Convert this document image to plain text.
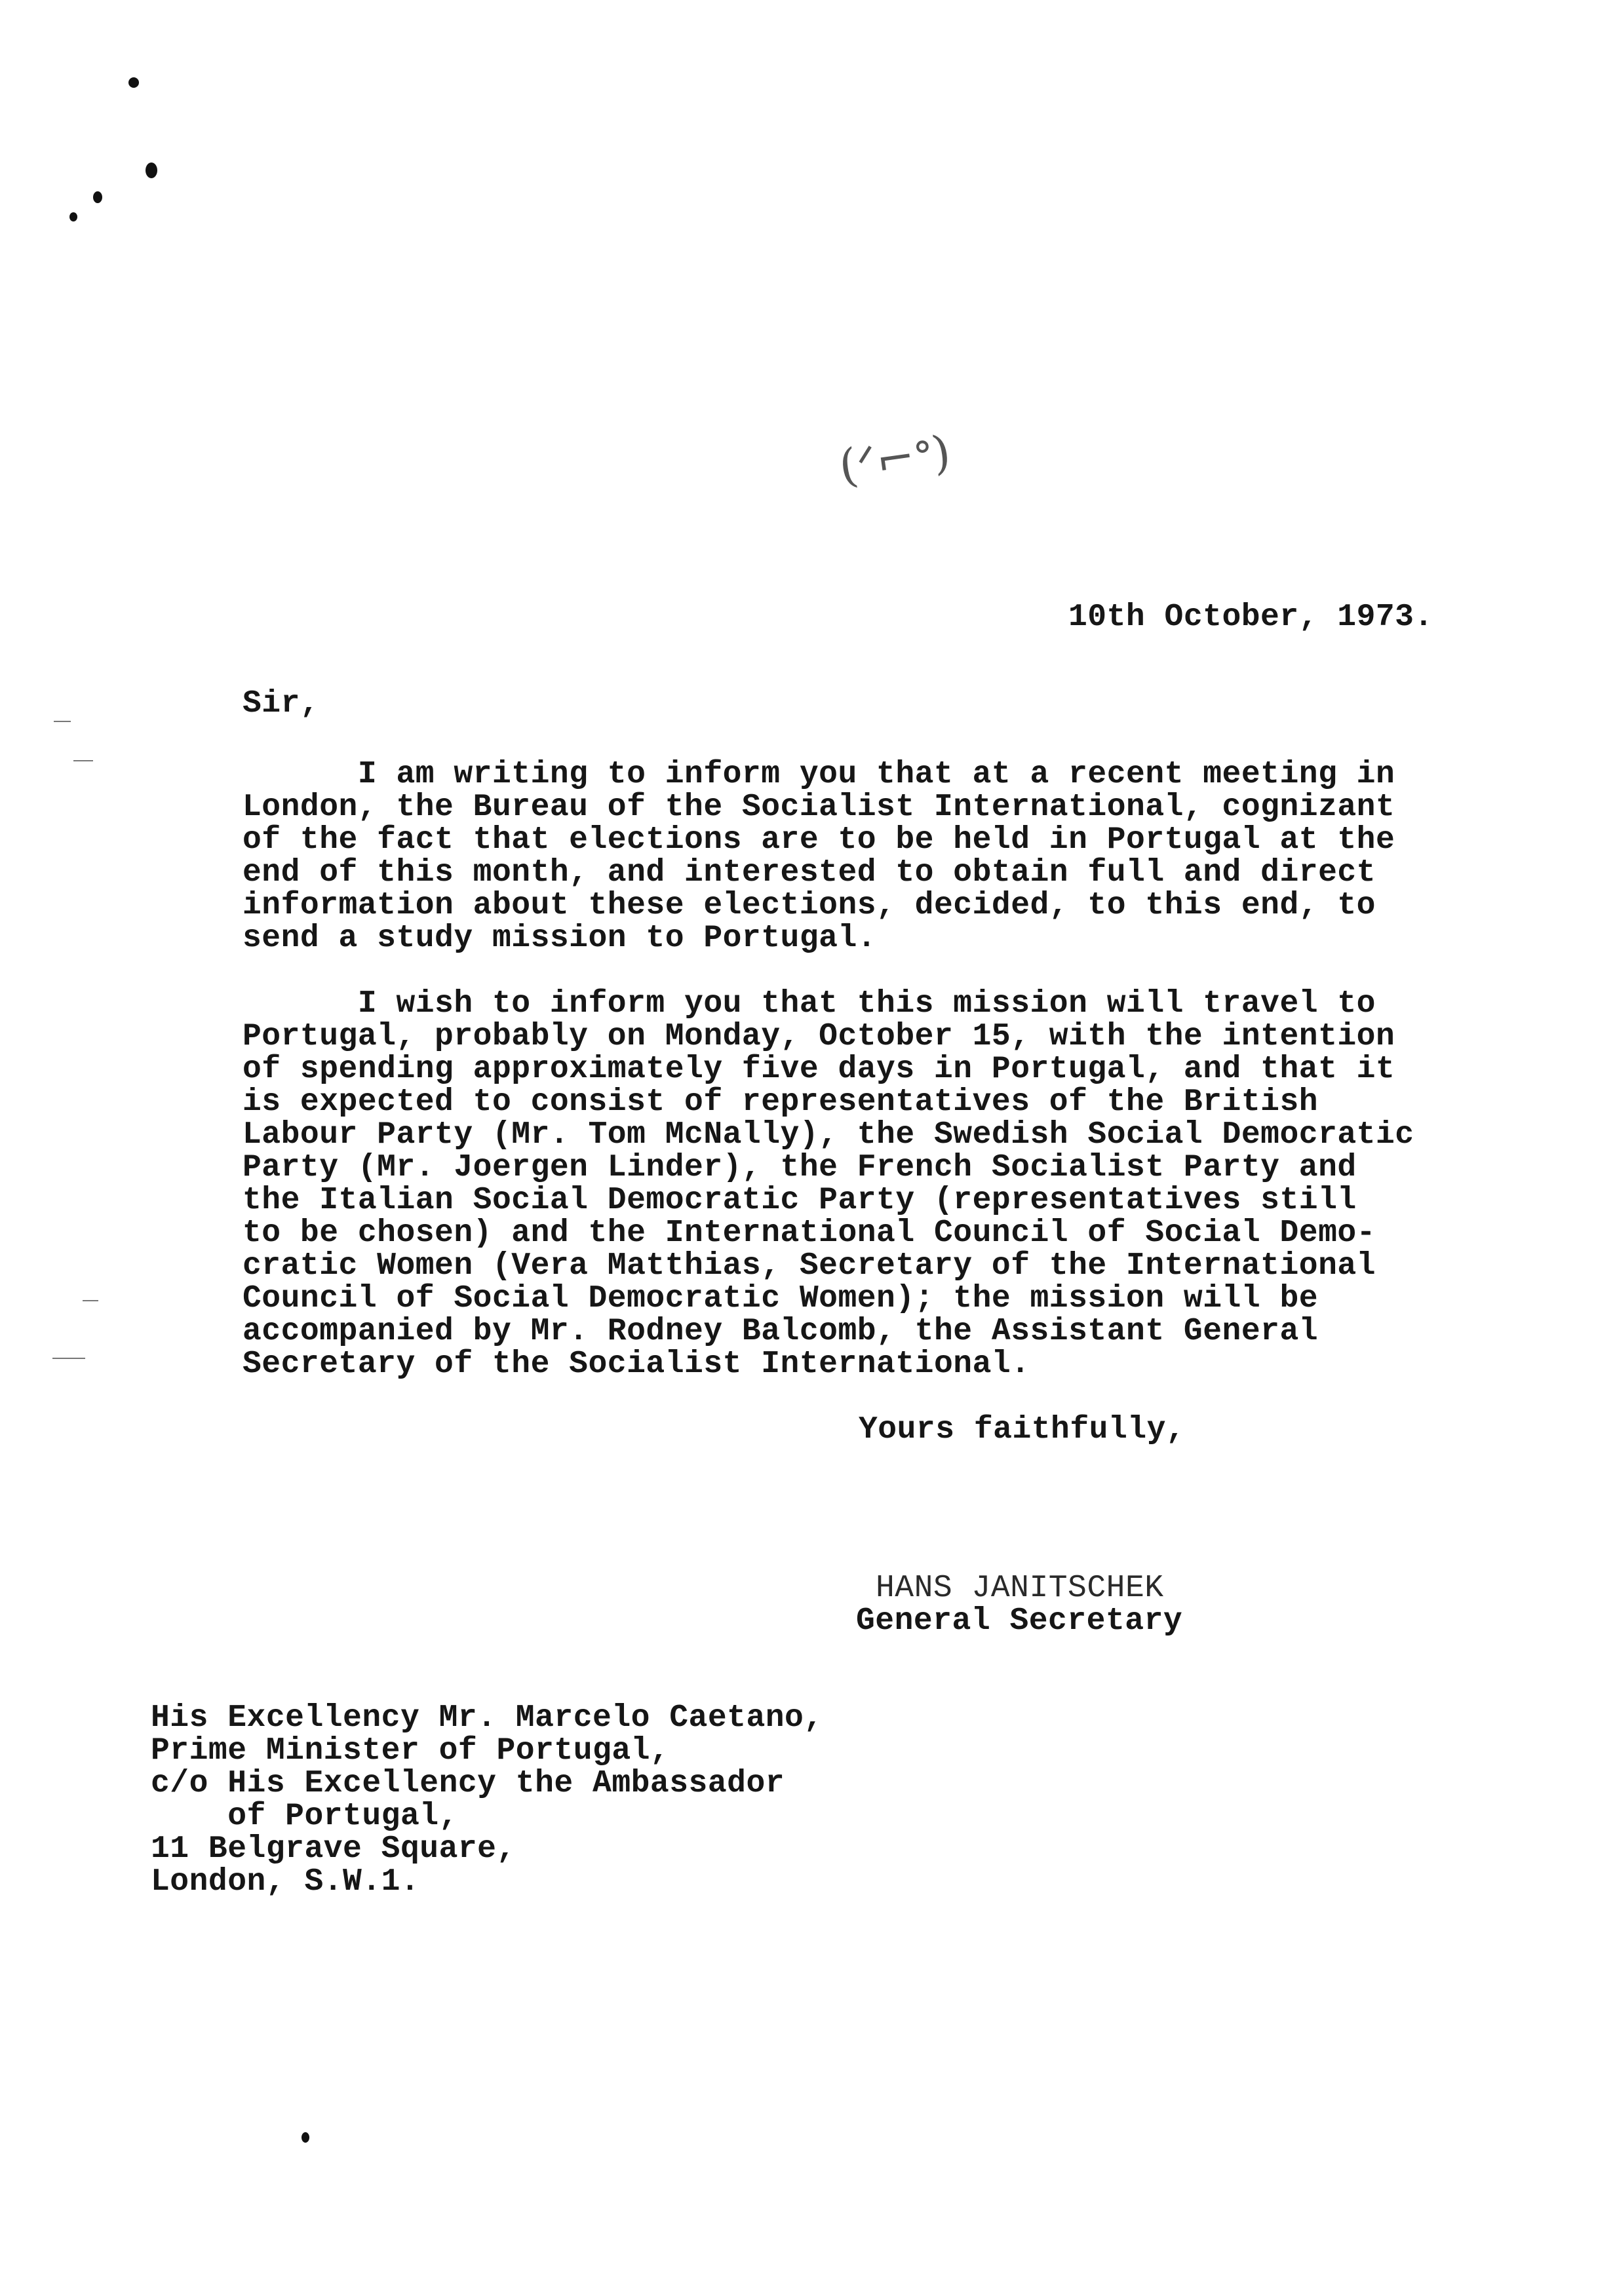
(ᐟ⌐ᐤ)
10th October, 1973.
Sir,
I am writing to inform you that at a recent meeting in
London, the Bureau of the Socialist International, cognizant
of the fact that elections are to be held in Portugal at the
end of this month, and interested to obtain full and direct
information about these elections, decided, to this end, to
send a study mission to Portugal.
I wish to inform you that this mission will travel to
Portugal, probably on Monday, October 15, with the intention
of spending approximately five days in Portugal, and that it
is expected to consist of representatives of the British
Labour Party (Mr. Tom McNally), the Swedish Social Democratic
Party (Mr. Joergen Linder), the French Socialist Party and
the Italian Social Democratic Party (representatives still
to be chosen) and the International Council of Social Demo-
cratic Women (Vera Matthias, Secretary of the International
Council of Social Democratic Women); the mission will be
accompanied by Mr. Rodney Balcomb, the Assistant General
Secretary of the Socialist International.
Yours faithfully,
HANS JANITSCHEK
General Secretary
His Excellency Mr. Marcelo Caetano,
Prime Minister of Portugal,
c/o His Excellency the Ambassador
of Portugal,
11 Belgrave Square,
London, S.W.1.
